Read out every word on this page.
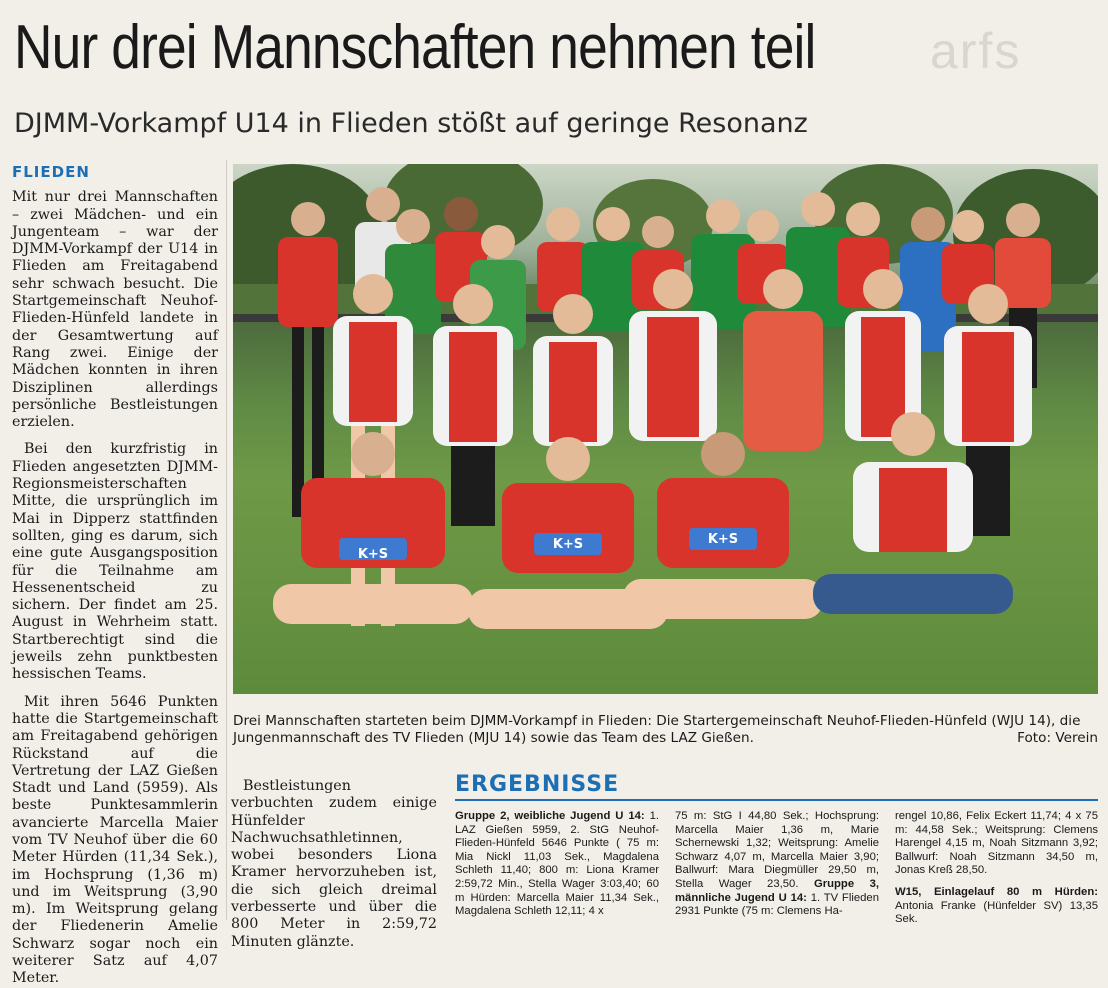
arfs
Nur drei Mannschaften nehmen teil
DJMM-Vorkampf U14 in Flieden stößt auf geringe Resonanz

FLIEDEN
Mit nur drei Mannschaften – zwei Mädchen- und ein Jungenteam – war der DJMM-Vorkampf der U14 in Flieden am Freitagabend sehr schwach besucht. Die Startgemeinschaft Neuhof-Flieden-Hünfeld landete in der Gesamtwertung auf Rang zwei. Einige der Mädchen konnten in ihren Disziplinen allerdings persönliche Bestleistungen erzielen.

Bei den kurzfristig in Flieden angesetzten DJMM-Regionsmeisterschaften Mitte, die ursprünglich im Mai in Dipperz stattfinden sollten, ging es darum, sich eine gute Ausgangsposition für die Teilnahme am Hessenentscheid zu sichern. Der findet am 25. August in Wehrheim statt. Startberechtigt sind die jeweils zehn punktbesten hessischen Teams.

Mit ihren 5646 Punkten hatte die Startgemeinschaft am Freitagabend gehörigen Rückstand auf die Vertretung der LAZ Gießen Stadt und Land (5959). Als beste Punktesammlerin avancierte Marcella Maier vom TV Neuhof über die 60 Meter Hürden (11,34 Sek.), im Hochsprung (1,36 m) und im Weitsprung (3,90 m). Im Weitsprung gelang der Fliedenerin Amelie Schwarz sogar noch ein weiterer Satz auf 4,07 Meter.

K+S
K+S	K+S
Drei Mannschaften starteten beim DJMM-Vorkampf in Flieden: Die Startergemeinschaft Neuhof-Flieden-Hünfeld (WJU 14), die Jungenmannschaft des TV Flieden (MJU 14) sowie das Team des LAZ Gießen.	Foto: Verein
Bestleistungen verbuchten zudem einige Hünfelder Nachwuchsathletinnen, wobei besonders Liona Kramer hervorzuheben ist, die sich gleich dreimal verbesserte und über die 800 Meter in 2:59,72 Minuten glänzte.
ERGEBNISSE

Gruppe 2, weibliche Jugend U 14: 1. LAZ Gießen 5959, 2. StG Neuhof-Flieden-Hünfeld 5646 Punkte ( 75 m: Mia Nickl 11,03 Sek., Magdalena Schleth 11,40; 800 m: Liona Kramer 2:59,72 Min., Stella Wager 3:03,40; 60 m Hürden: Marcella Maier 11,34 Sek., Magdalena Schleth 12,11; 4 x

75 m: StG I 44,80 Sek.; Hochsprung: Marcella Maier 1,36 m, Marie Schernewski 1,32; Weitsprung: Amelie Schwarz 4,07 m, Marcella Maier 3,90; Ballwurf: Mara Diegmüller 29,50 m, Stella Wager 23,50. Gruppe 3, männliche Jugend U 14: 1. TV Flieden 2931 Punkte (75 m: Clemens Ha-

rengel 10,86, Felix Eckert 11,74; 4 x 75 m: 44,58 Sek.; Weitsprung: Clemens Harengel 4,15 m, Noah Sitzmann 3,92; Ballwurf: Noah Sitzmann 34,50 m, Jonas Kreß 28,50.

W15, Einlagelauf 80 m Hürden: Antonia Franke (Hünfelder SV) 13,35 Sek.
